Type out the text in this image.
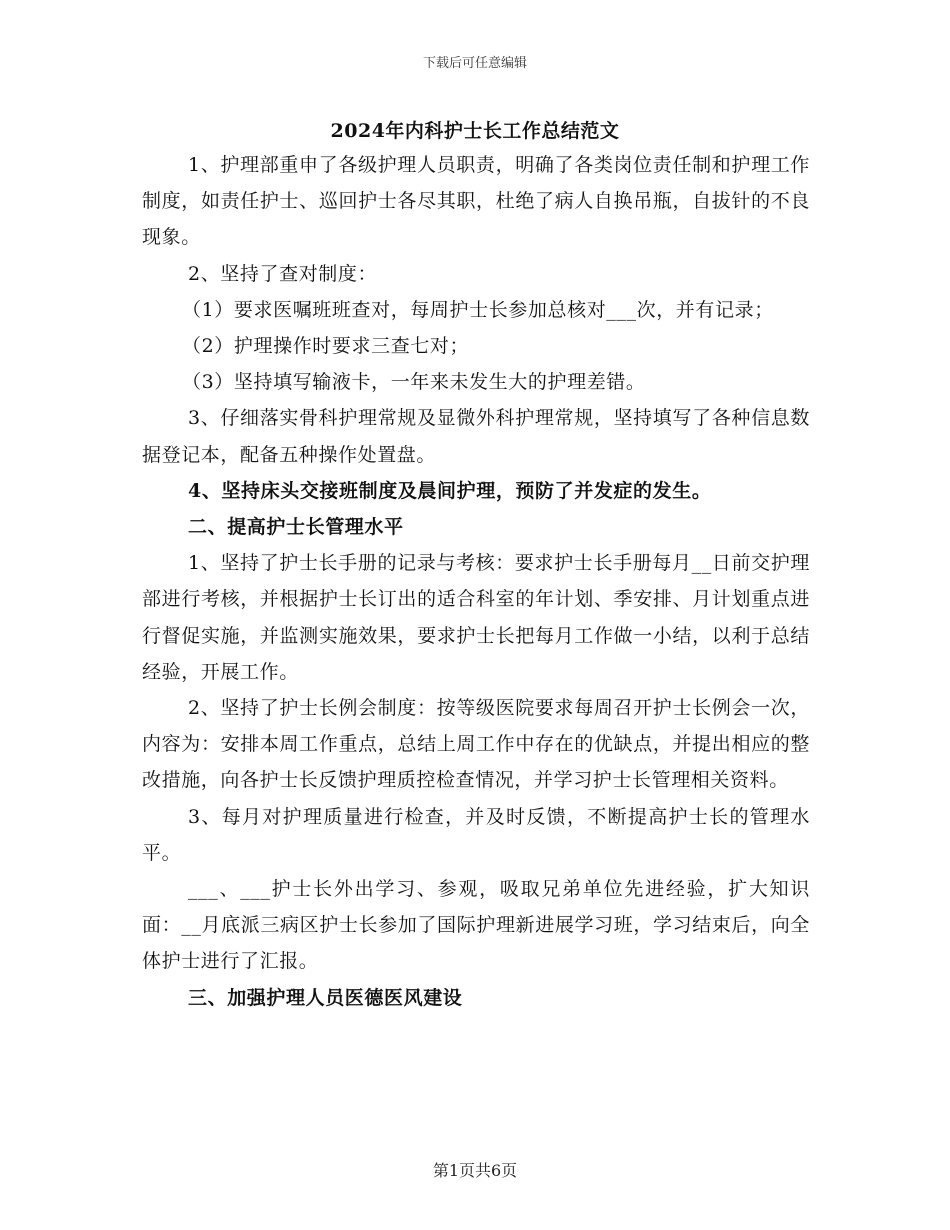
下载后可任意编辑
2024年内科护士长工作总结范文

1、护理部重申了各级护理人员职责，明确了各类岗位责任制和护理工作制度，如责任护士、巡回护士各尽其职，杜绝了病人自换吊瓶，自拔针的不良现象。

2、坚持了查对制度：

（1）要求医嘱班班查对，每周护士长参加总核对___次，并有记录；

（2）护理操作时要求三查七对；

（3）坚持填写输液卡，一年来未发生大的护理差错。

3、仔细落实骨科护理常规及显微外科护理常规，坚持填写了各种信息数据登记本，配备五种操作处置盘。

4、坚持床头交接班制度及晨间护理，预防了并发症的发生。

二、提高护士长管理水平

1、坚持了护士长手册的记录与考核：要求护士长手册每月__日前交护理部进行考核，并根据护士长订出的适合科室的年计划、季安排、月计划重点进行督促实施，并监测实施效果，要求护士长把每月工作做一小结，以利于总结经验，开展工作。

2、坚持了护士长例会制度：按等级医院要求每周召开护士长例会一次，内容为：安排本周工作重点，总结上周工作中存在的优缺点，并提出相应的整改措施，向各护士长反馈护理质控检查情况，并学习护士长管理相关资料。

3、每月对护理质量进行检查，并及时反馈，不断提高护士长的管理水平。

___、___护士长外出学习、参观，吸取兄弟单位先进经验，扩大知识面：__月底派三病区护士长参加了国际护理新进展学习班，学习结束后，向全体护士进行了汇报。

三、加强护理人员医德医风建设

第1页共6页
